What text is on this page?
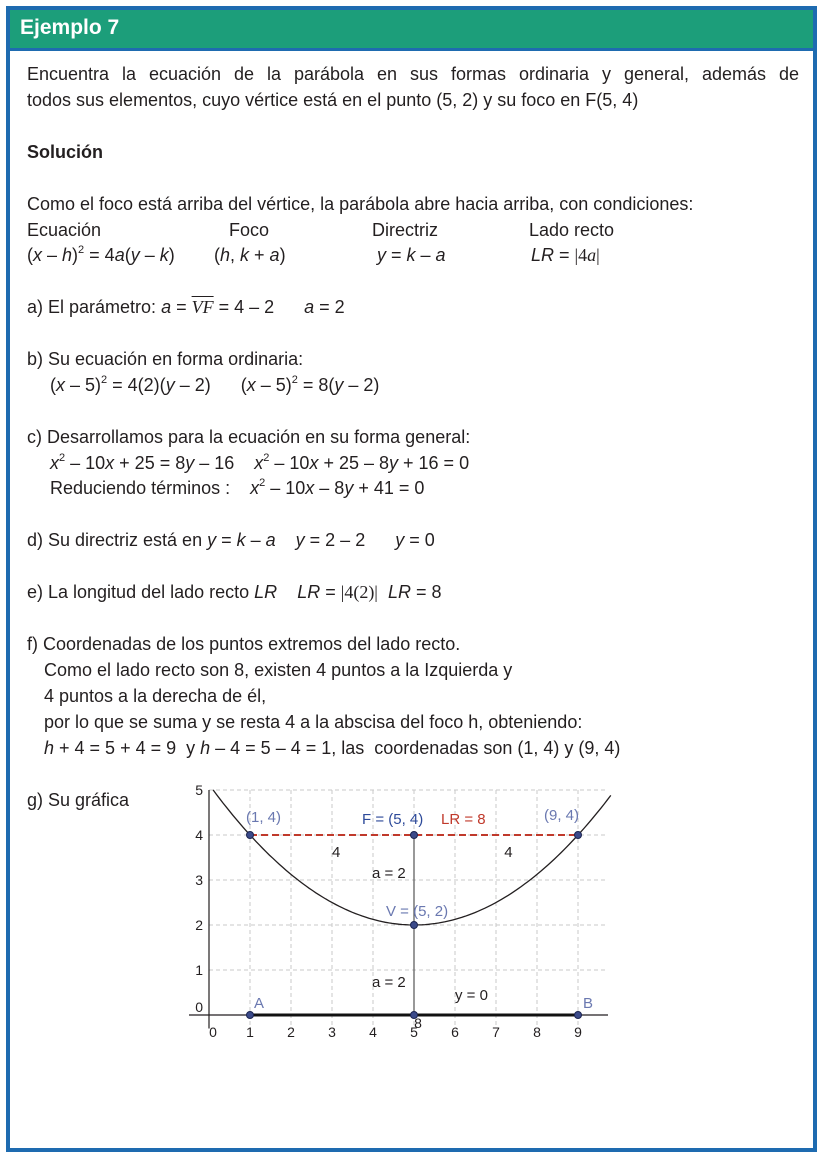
Ejemplo 7
Encuentra la ecuación de la parábola en sus formas ordinaria y general, además de
todos sus elementos, cuyo vértice está en el punto (5, 2) y su foco en F(5, 4)
Solución
Como el foco está arriba del vértice, la parábola abre hacia arriba, con condiciones:
Ecuación	Foco	Directriz	Lado recto
(x – h)$^2$ = 4a(y – k) (h, k + a)	y = k – a	LR = |4a|
a) El parámetro: $a = \overline{VF} = 4 - 2$      a = 2
b) Su ecuación en forma ordinaria:
(x – 5)$^2$ = 4(2)(y – 2)      (x – 5)$^2$ = 8(y – 2)
c) Desarrollamos para la ecuación en su forma general:
$x^2 - 10x + 25 = 8y - 16$    $x^2 - 10x + 25 - 8y + 16 = 0$
Reduciendo términos : $x^2 - 10x - 8y + 41 = 0$
d) Su directriz está en y = k – a y = 2 – 2      y = 0
e) La longitud del lado recto LR LR = |4(2)| LR = 8
f) Coordenadas de los puntos extremos del lado recto.
Como el lado recto son 8, existen 4 puntos a la Izquierda y
4 puntos a la derecha de él,
por lo que se suma y se resta 4 a la abscisa del foco h, obteniendo:
h + 4 = 5 + 4 = 9  y h – 4 = 5 – 4 = 1, las  coordenadas son (1, 4) y (9, 4)
g) Su gráfica
0 1 2 3 4 5 6 7 8 9
0
1
2
3
4
5
(1, 4)	F = (5, 4)	(9, 4)
V = (5, 2)
A	B
LR = 8
4	4
a = 2
a = 2
y = 0
8
